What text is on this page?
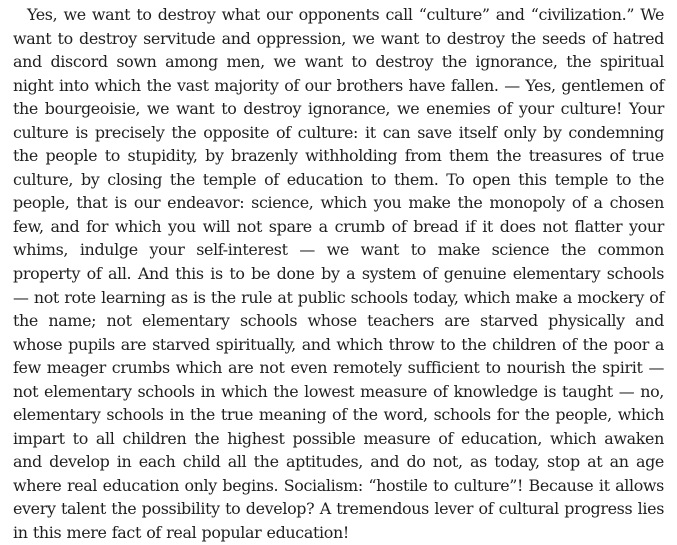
Yes, we want to destroy what our opponents call “culture” and “civilization.” We want to destroy servitude and oppression, we want to destroy the seeds of hatred and discord sown among men, we want to destroy the ignorance, the spiritual night into which the vast majority of our brothers have fallen. — Yes, gentlemen of the bourgeoisie, we want to destroy ignorance, we enemies of your culture! Your culture is precisely the opposite of culture: it can save itself only by condemning the people to stupidity, by brazenly withholding from them the treasures of true culture, by closing the temple of education to them. To open this temple to the people, that is our endeavor: science, which you make the monopoly of a chosen few, and for which you will not spare a crumb of bread if it does not flatter your whims, indulge your self-interest — we want to make science the common property of all. And this is to be done by a system of genuine elementary schools — not rote learning as is the rule at public schools today, which make a mockery of the name; not elementary schools whose teachers are starved physically and whose pupils are starved spiritually, and which throw to the children of the poor a few meager crumbs which are not even remotely sufficient to nourish the spirit — not elementary schools in which the lowest measure of knowledge is taught — no, elementary schools in the true meaning of the word, schools for the people, which impart to all children the highest possible measure of education, which awaken and develop in each child all the aptitudes, and do not, as today, stop at an age where real education only begins. Socialism: “hostile to culture”! Because it allows every talent the possibility to develop? A tremendous lever of cultural progress lies in this mere fact of real popular education!
